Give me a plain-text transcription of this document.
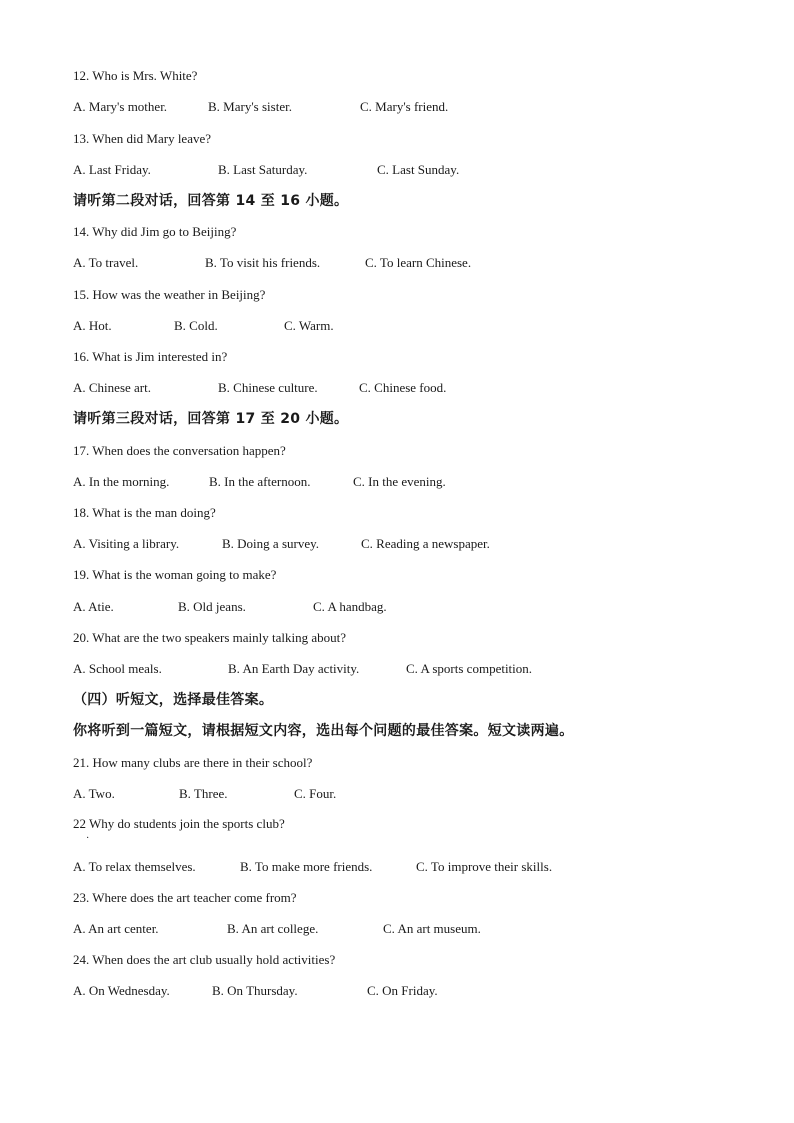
12. Who is Mrs. White?
A. Mary's mother.	B. Mary's sister.	C. Mary's friend.
13. When did Mary leave?
A. Last Friday.	B. Last Saturday.	C. Last Sunday.
请听第二段对话，回答第 14 至 16 小题。
14. Why did Jim go to Beijing?
A. To travel.	B. To visit his friends.	C. To learn Chinese.
15. How was the weather in Beijing?
A. Hot.	B. Cold.	C. Warm.
16. What is Jim interested in?
A. Chinese art.	B. Chinese culture.	C. Chinese food.
请听第三段对话，回答第 17 至 20 小题。
17. When does the conversation happen?
A. In the morning.	B. In the afternoon.	C. In the evening.
18. What is the man doing?
A. Visiting a library.	B. Doing a survey.	C. Reading a newspaper.
19. What is the woman going to make?
A. Atie.	B. Old jeans.	C. A handbag.
20. What are the two speakers mainly talking about?
A. School meals.	B. An Earth Day activity.	C. A sports competition.
（四）听短文，选择最佳答案。
你将听到一篇短文，请根据短文内容，选出每个问题的最佳答案。短文读两遍。
21. How many clubs are there in their school?
A. Two.	B. Three.	C. Four.
22 Why do students join the sports club?
·
A. To relax themselves.	B. To make more friends.	C. To improve their skills.
23. Where does the art teacher come from?
A. An art center.	B. An art college.	C. An art museum.
24. When does the art club usually hold activities?
A. On Wednesday.	B. On Thursday.	C. On Friday.
